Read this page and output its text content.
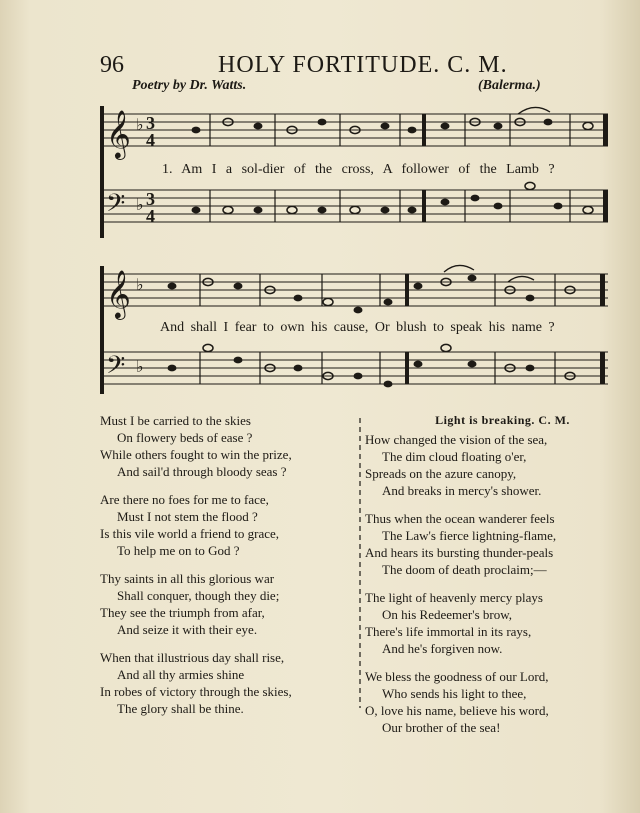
96	HOLY FORTITUDE. C. M.
Poetry by Dr. Watts.	(Balerma.)
𝄞
𝄢
♭
♭
3
4
3
4
1. Am I a sol-dier of the cross, A follower of the Lamb ?
𝄞
𝄢
♭
♭
And shall I fear to own his cause, Or blush to speak his name ?
Must I be carried to the skies
On flowery beds of ease ?
While others fought to win the prize,
And sail'd through bloody seas ?
Are there no foes for me to face,
Must I not stem the flood ?
Is this vile world a friend to grace,
To help me on to God ?
Thy saints in all this glorious war
Shall conquer, though they die;
They see the triumph from afar,
And seize it with their eye.
When that illustrious day shall rise,
And all thy armies shine
In robes of victory through the skies,
The glory shall be thine.
Light is breaking. C. M.
How changed the vision of the sea,
The dim cloud floating o'er,
Spreads on the azure canopy,
And breaks in mercy's shower.
Thus when the ocean wanderer feels
The Law's fierce lightning-flame,
And hears its bursting thunder-peals
The doom of death proclaim;—
The light of heavenly mercy plays
On his Redeemer's brow,
There's life immortal in its rays,
And he's forgiven now.
We bless the goodness of our Lord,
Who sends his light to thee,
O, love his name, believe his word,
Our brother of the sea!
